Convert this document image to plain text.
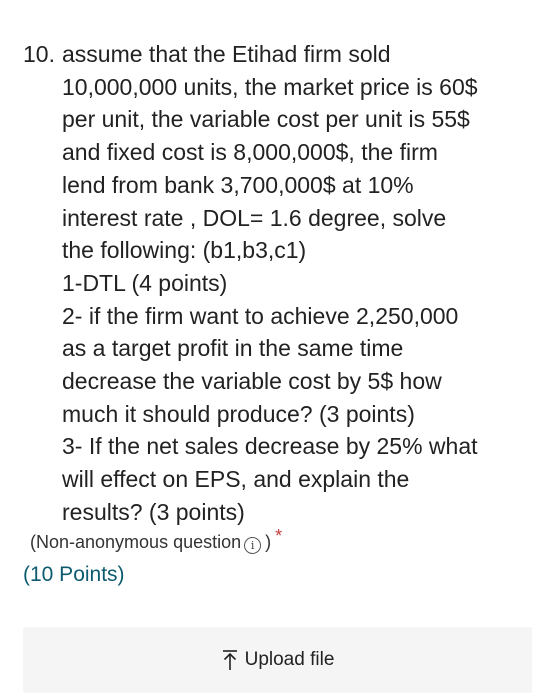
10. assume that the Etihad firm sold
10,000,000 units, the market price is 60$
per unit, the variable cost per unit is 55$
and fixed cost is 8,000,000$, the firm
lend from bank 3,700,000$ at 10%
interest rate , DOL= 1.6 degree, solve
the following: (b1,b3,c1)
1-DTL (4 points)
2- if the firm want to achieve 2,250,000
as a target profit in the same time
decrease the variable cost by 5$ how
much it should produce? (3 points)
3- If the net sales decrease by 25% what
will effect on EPS, and explain the
results? (3 points)
(Non-anonymous question i ) *
(10 Points)
Upload file
